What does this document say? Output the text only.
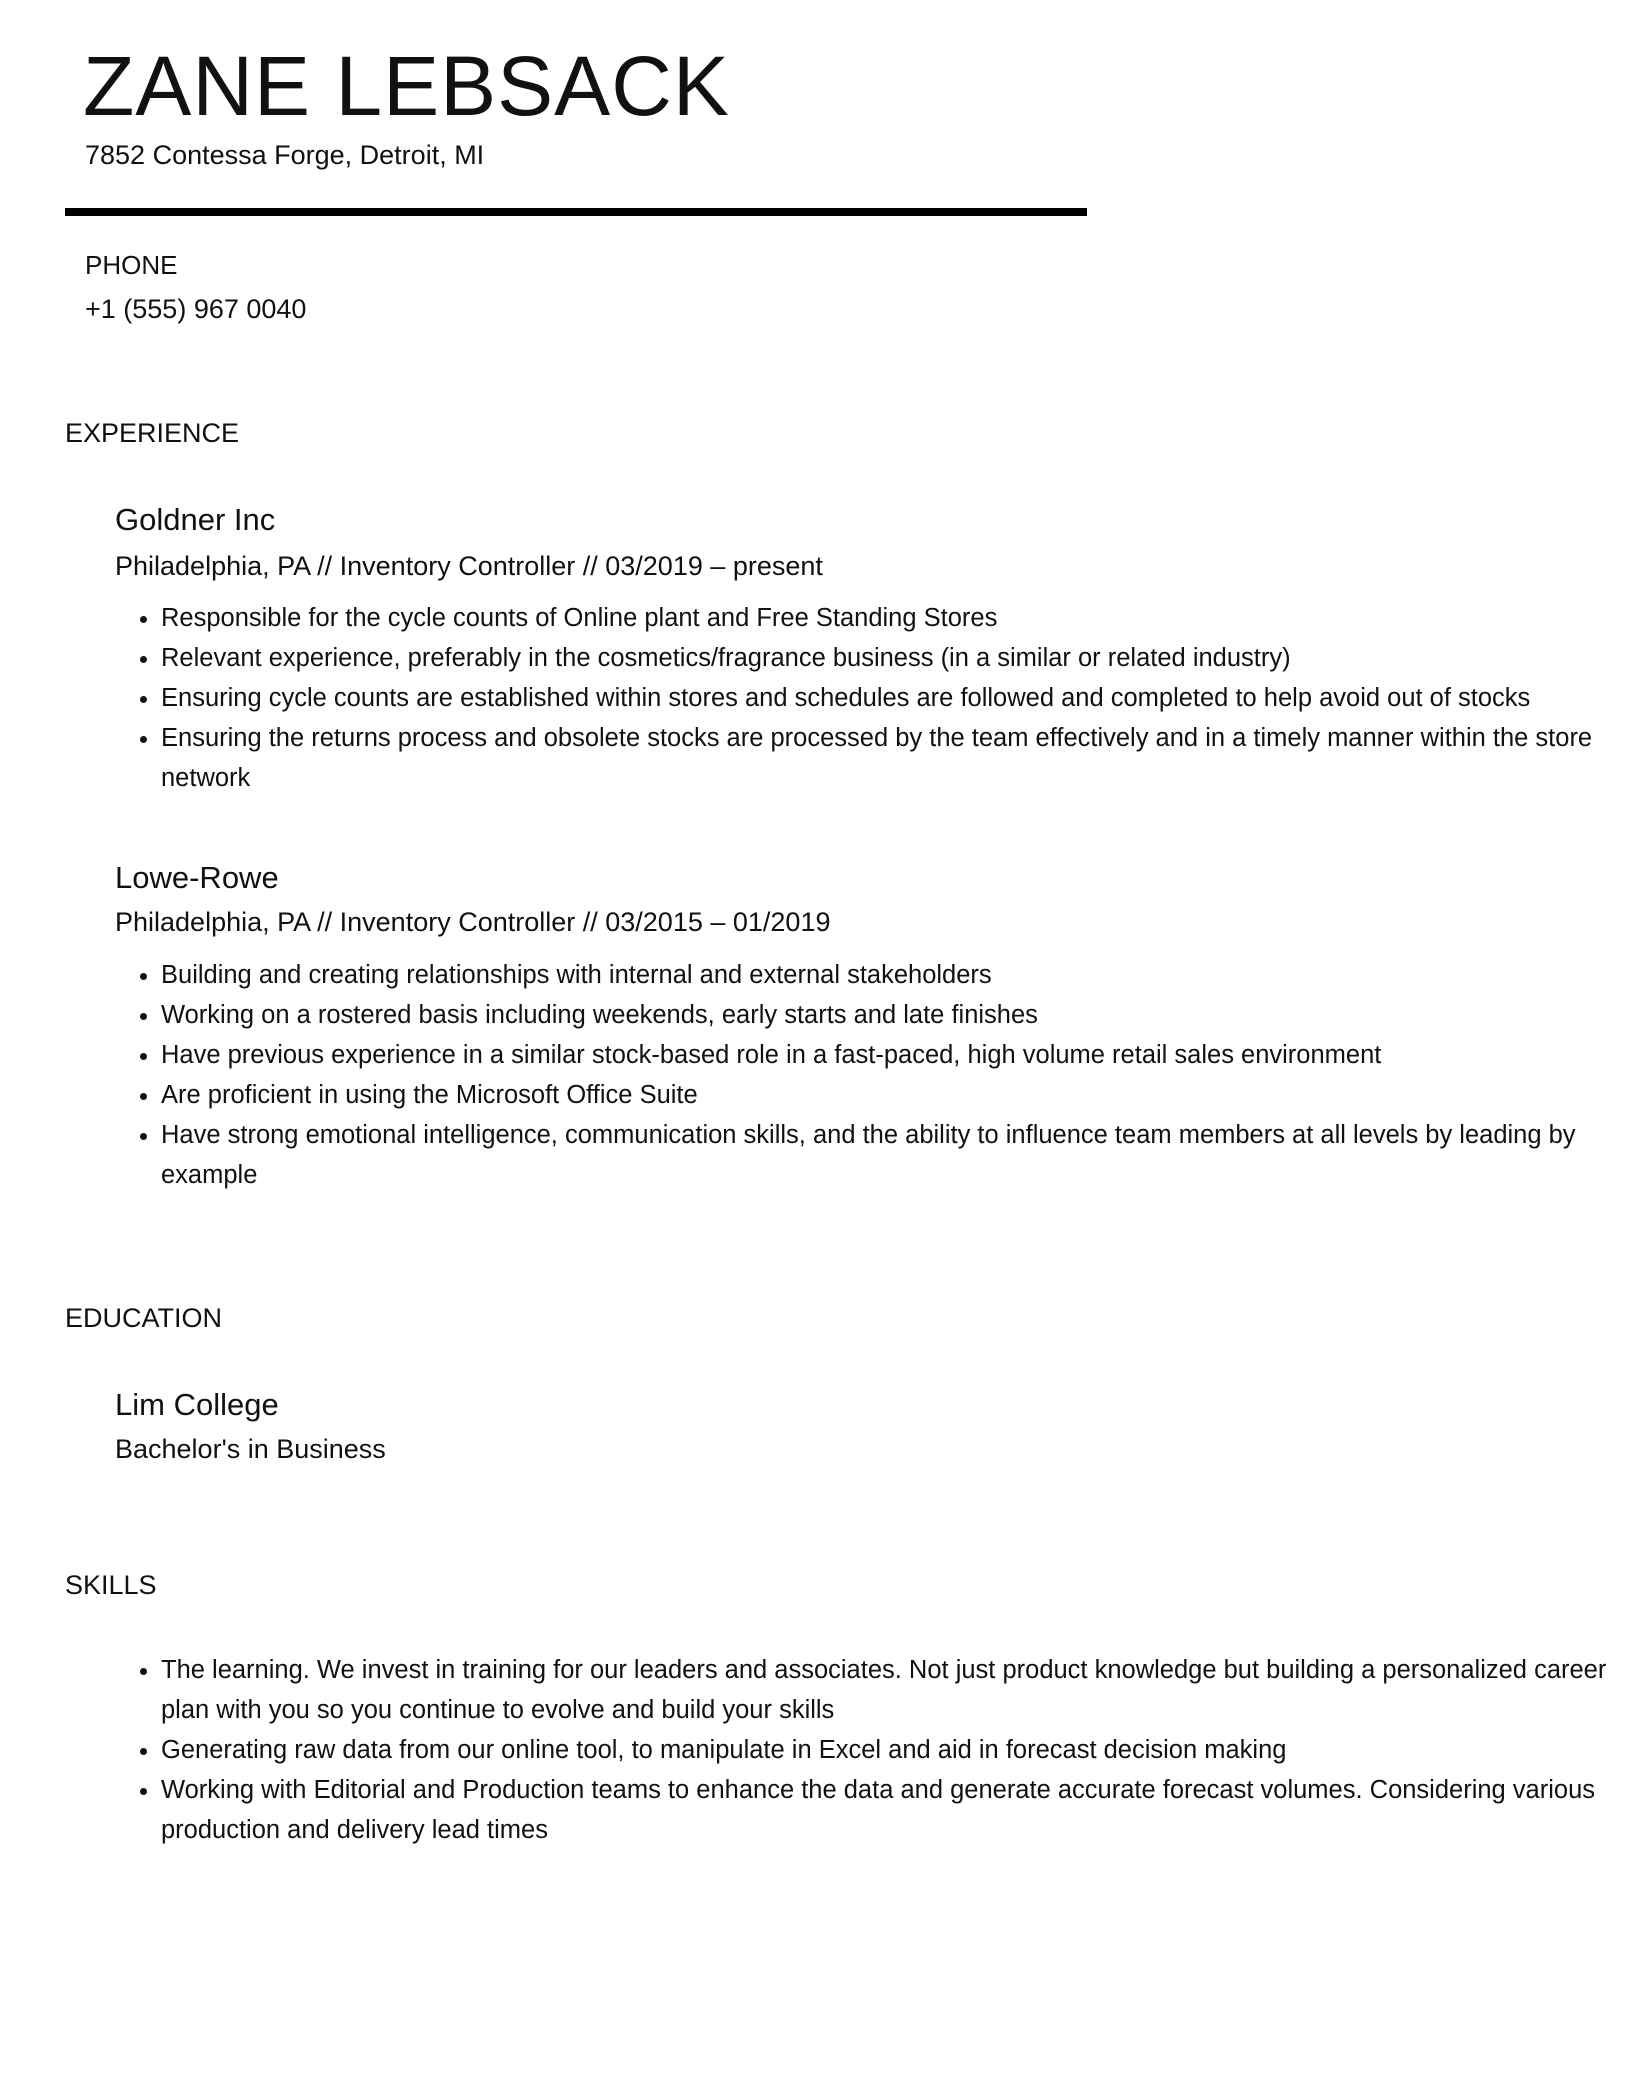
ZANE LEBSACK
7852 Contessa Forge, Detroit, MI
PHONE
+1 (555) 967 0040
EXPERIENCE
Goldner Inc
Philadelphia, PA // Inventory Controller // 03/2019 – present
• Responsible for the cycle counts of Online plant and Free Standing Stores
• Relevant experience, preferably in the cosmetics/fragrance business (in a similar or related industry)
• Ensuring cycle counts are established within stores and schedules are followed and completed to help avoid out of stocks
• Ensuring the returns process and obsolete stocks are processed by the team effectively and in a timely manner within the store network
Lowe-Rowe
Philadelphia, PA // Inventory Controller // 03/2015 – 01/2019
• Building and creating relationships with internal and external stakeholders
• Working on a rostered basis including weekends, early starts and late finishes
• Have previous experience in a similar stock-based role in a fast-paced, high volume retail sales environment
• Are proficient in using the Microsoft Office Suite
• Have strong emotional intelligence, communication skills, and the ability to influence team members at all levels by leading by example
EDUCATION
Lim College
Bachelor's in Business
SKILLS
• The learning. We invest in training for our leaders and associates. Not just product knowledge but building a personalized career plan with you so you continue to evolve and build your skills
• Generating raw data from our online tool, to manipulate in Excel and aid in forecast decision making
• Working with Editorial and Production teams to enhance the data and generate accurate forecast volumes. Considering various production and delivery lead times
